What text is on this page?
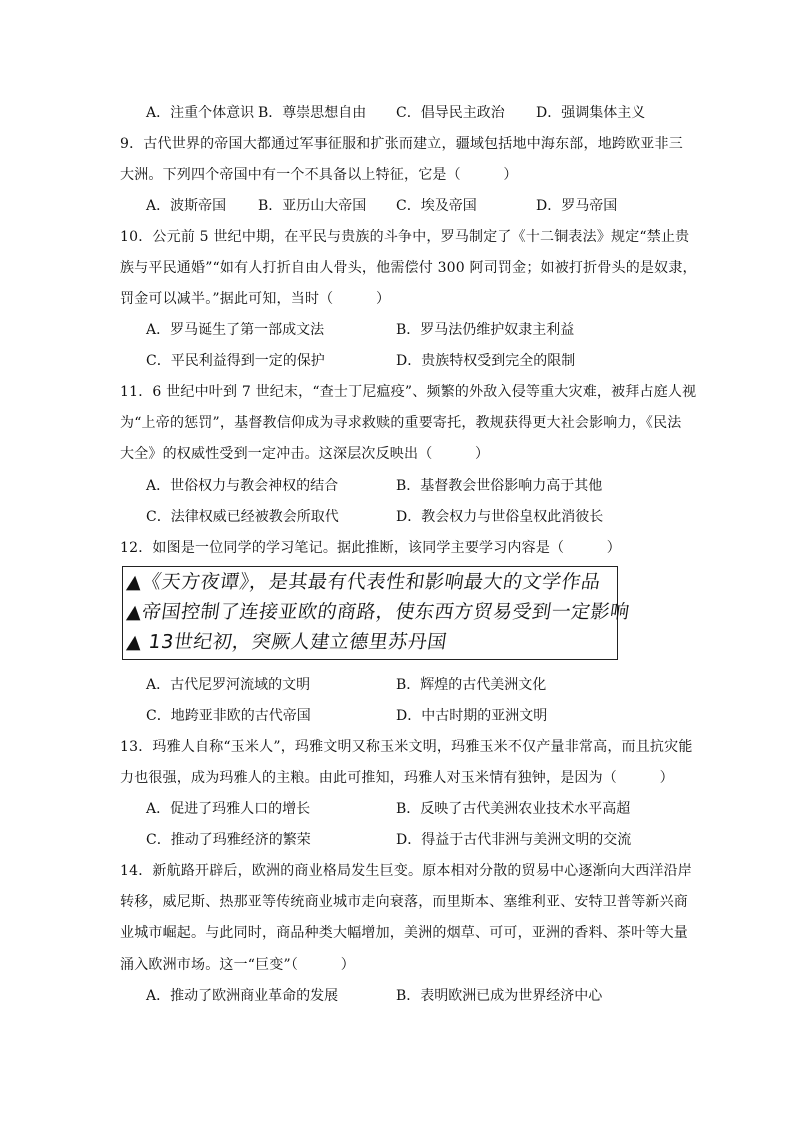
A．注重个体意识 B．尊崇思想自由 C．倡导民主政治 D．强调集体主义
9．古代世界的帝国大都通过军事征服和扩张而建立，疆域包括地中海东部，地跨欧亚非三
大洲。下列四个帝国中有一个不具备以上特征，它是（　　　）
A．波斯帝国 B．亚历山大帝国 C．埃及帝国	D．罗马帝国
10．公元前 5 世纪中期，在平民与贵族的斗争中，罗马制定了《十二铜表法》规定“禁止贵
族与平民通婚”“如有人打折自由人骨头，他需偿付 300 阿司罚金；如被打折骨头的是奴隶，
罚金可以减半。”据此可知，当时（　　　）
A．罗马诞生了第一部成文法	B．罗马法仍维护奴隶主利益
C．平民利益得到一定的保护	D．贵族特权受到完全的限制
11．6 世纪中叶到 7 世纪末，“查士丁尼瘟疫”、频繁的外敌入侵等重大灾难，被拜占庭人视
为“上帝的惩罚”，基督教信仰成为寻求救赎的重要寄托，教规获得更大社会影响力，《民法
大全》的权威性受到一定冲击。这深层次反映出（　　　）
A．世俗权力与教会神权的结合	B．基督教会世俗影响力高于其他
C．法律权威已经被教会所取代	D．教会权力与世俗皇权此消彼长
12．如图是一位同学的学习笔记。据此推断，该同学主要学习内容是（　　　）
▲《天方夜谭》，是其最有代表性和影响最大的文学作品
▲帝国控制了连接亚欧的商路，使东西方贸易受到一定影响
▲ 13世纪初，突厥人建立德里苏丹国
A．古代尼罗河流域的文明	B．辉煌的古代美洲文化
C．地跨亚非欧的古代帝国	D．中古时期的亚洲文明
13．玛雅人自称“玉米人”，玛雅文明又称玉米文明，玛雅玉米不仅产量非常高，而且抗灾能
力也很强，成为玛雅人的主粮。由此可推知，玛雅人对玉米情有独钟，是因为（　　　）
A．促进了玛雅人口的增长	B．反映了古代美洲农业技术水平高超
C．推动了玛雅经济的繁荣	D．得益于古代非洲与美洲文明的交流
14．新航路开辟后，欧洲的商业格局发生巨变。原本相对分散的贸易中心逐渐向大西洋沿岸
转移，威尼斯、热那亚等传统商业城市走向衰落，而里斯本、塞维利亚、安特卫普等新兴商
业城市崛起。与此同时，商品种类大幅增加，美洲的烟草、可可，亚洲的香料、茶叶等大量
涌入欧洲市场。这一“巨变”（　　　）
A．推动了欧洲商业革命的发展	B．表明欧洲已成为世界经济中心
